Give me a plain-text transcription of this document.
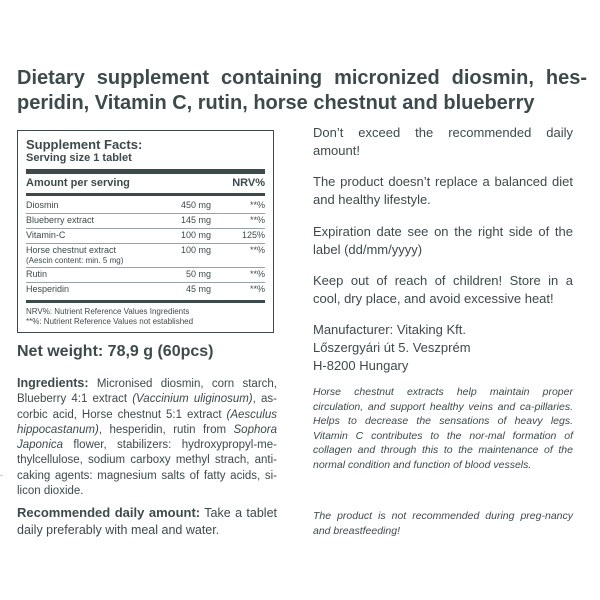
Dietary supplement containing micronized diosmin, hes-peridin, Vitamin C, rutin, horse chestnut and blueberry
Supplement Facts:
Serving size 1 tablet
Amount per serving	NRV%
Diosmin	450 mg	**%
Blueberry extract	145 mg	**%
Vitamin-C	100 mg	125%
Horse chestnut extract
(Aescin content: min. 5 mg)
100 mg	**%
Rutin	50 mg	**%
Hesperidin	45 mg	**%
NRV%: Nutrient Reference Values Ingredients
**%: Nutrient Reference Values not established
Net weight: 78,9 g (60pcs)
Ingredients: Micronised diosmin, corn starch, Blueberry 4:1 extract (Vaccinium uliginosum), as-corbic acid, Horse chestnut 5:1 extract (Aesculus hippocastanum), hesperidin, rutin from Sophora Japonica flower, stabilizers: hydroxypropyl-me-thylcellulose, sodium carboxy methyl strach, anti-caking agents: magnesium salts of fatty acids, si-licon dioxide.
Recommended daily amount: Take a tablet daily preferably with meal and water.
Don’t exceed the recommended daily amount!
The product doesn’t replace a balanced diet and healthy lifestyle.
Expiration date see on the right side of the label (dd/mm/yyyy)
Keep out of reach of children! Store in a cool, dry place, and avoid excessive heat!
Manufacturer: Vitaking Kft.
Lőszergyári út 5. Veszprém
H-8200 Hungary
Horse chestnut extracts help maintain proper circulation, and support healthy veins and ca-pillaries. Helps to decrease the sensations of heavy legs. Vitamin C contributes to the nor-mal formation of collagen and through this to the maintenance of the normal condition and function of blood vessels.
The product is not recommended during preg-nancy and breastfeeding!
-
